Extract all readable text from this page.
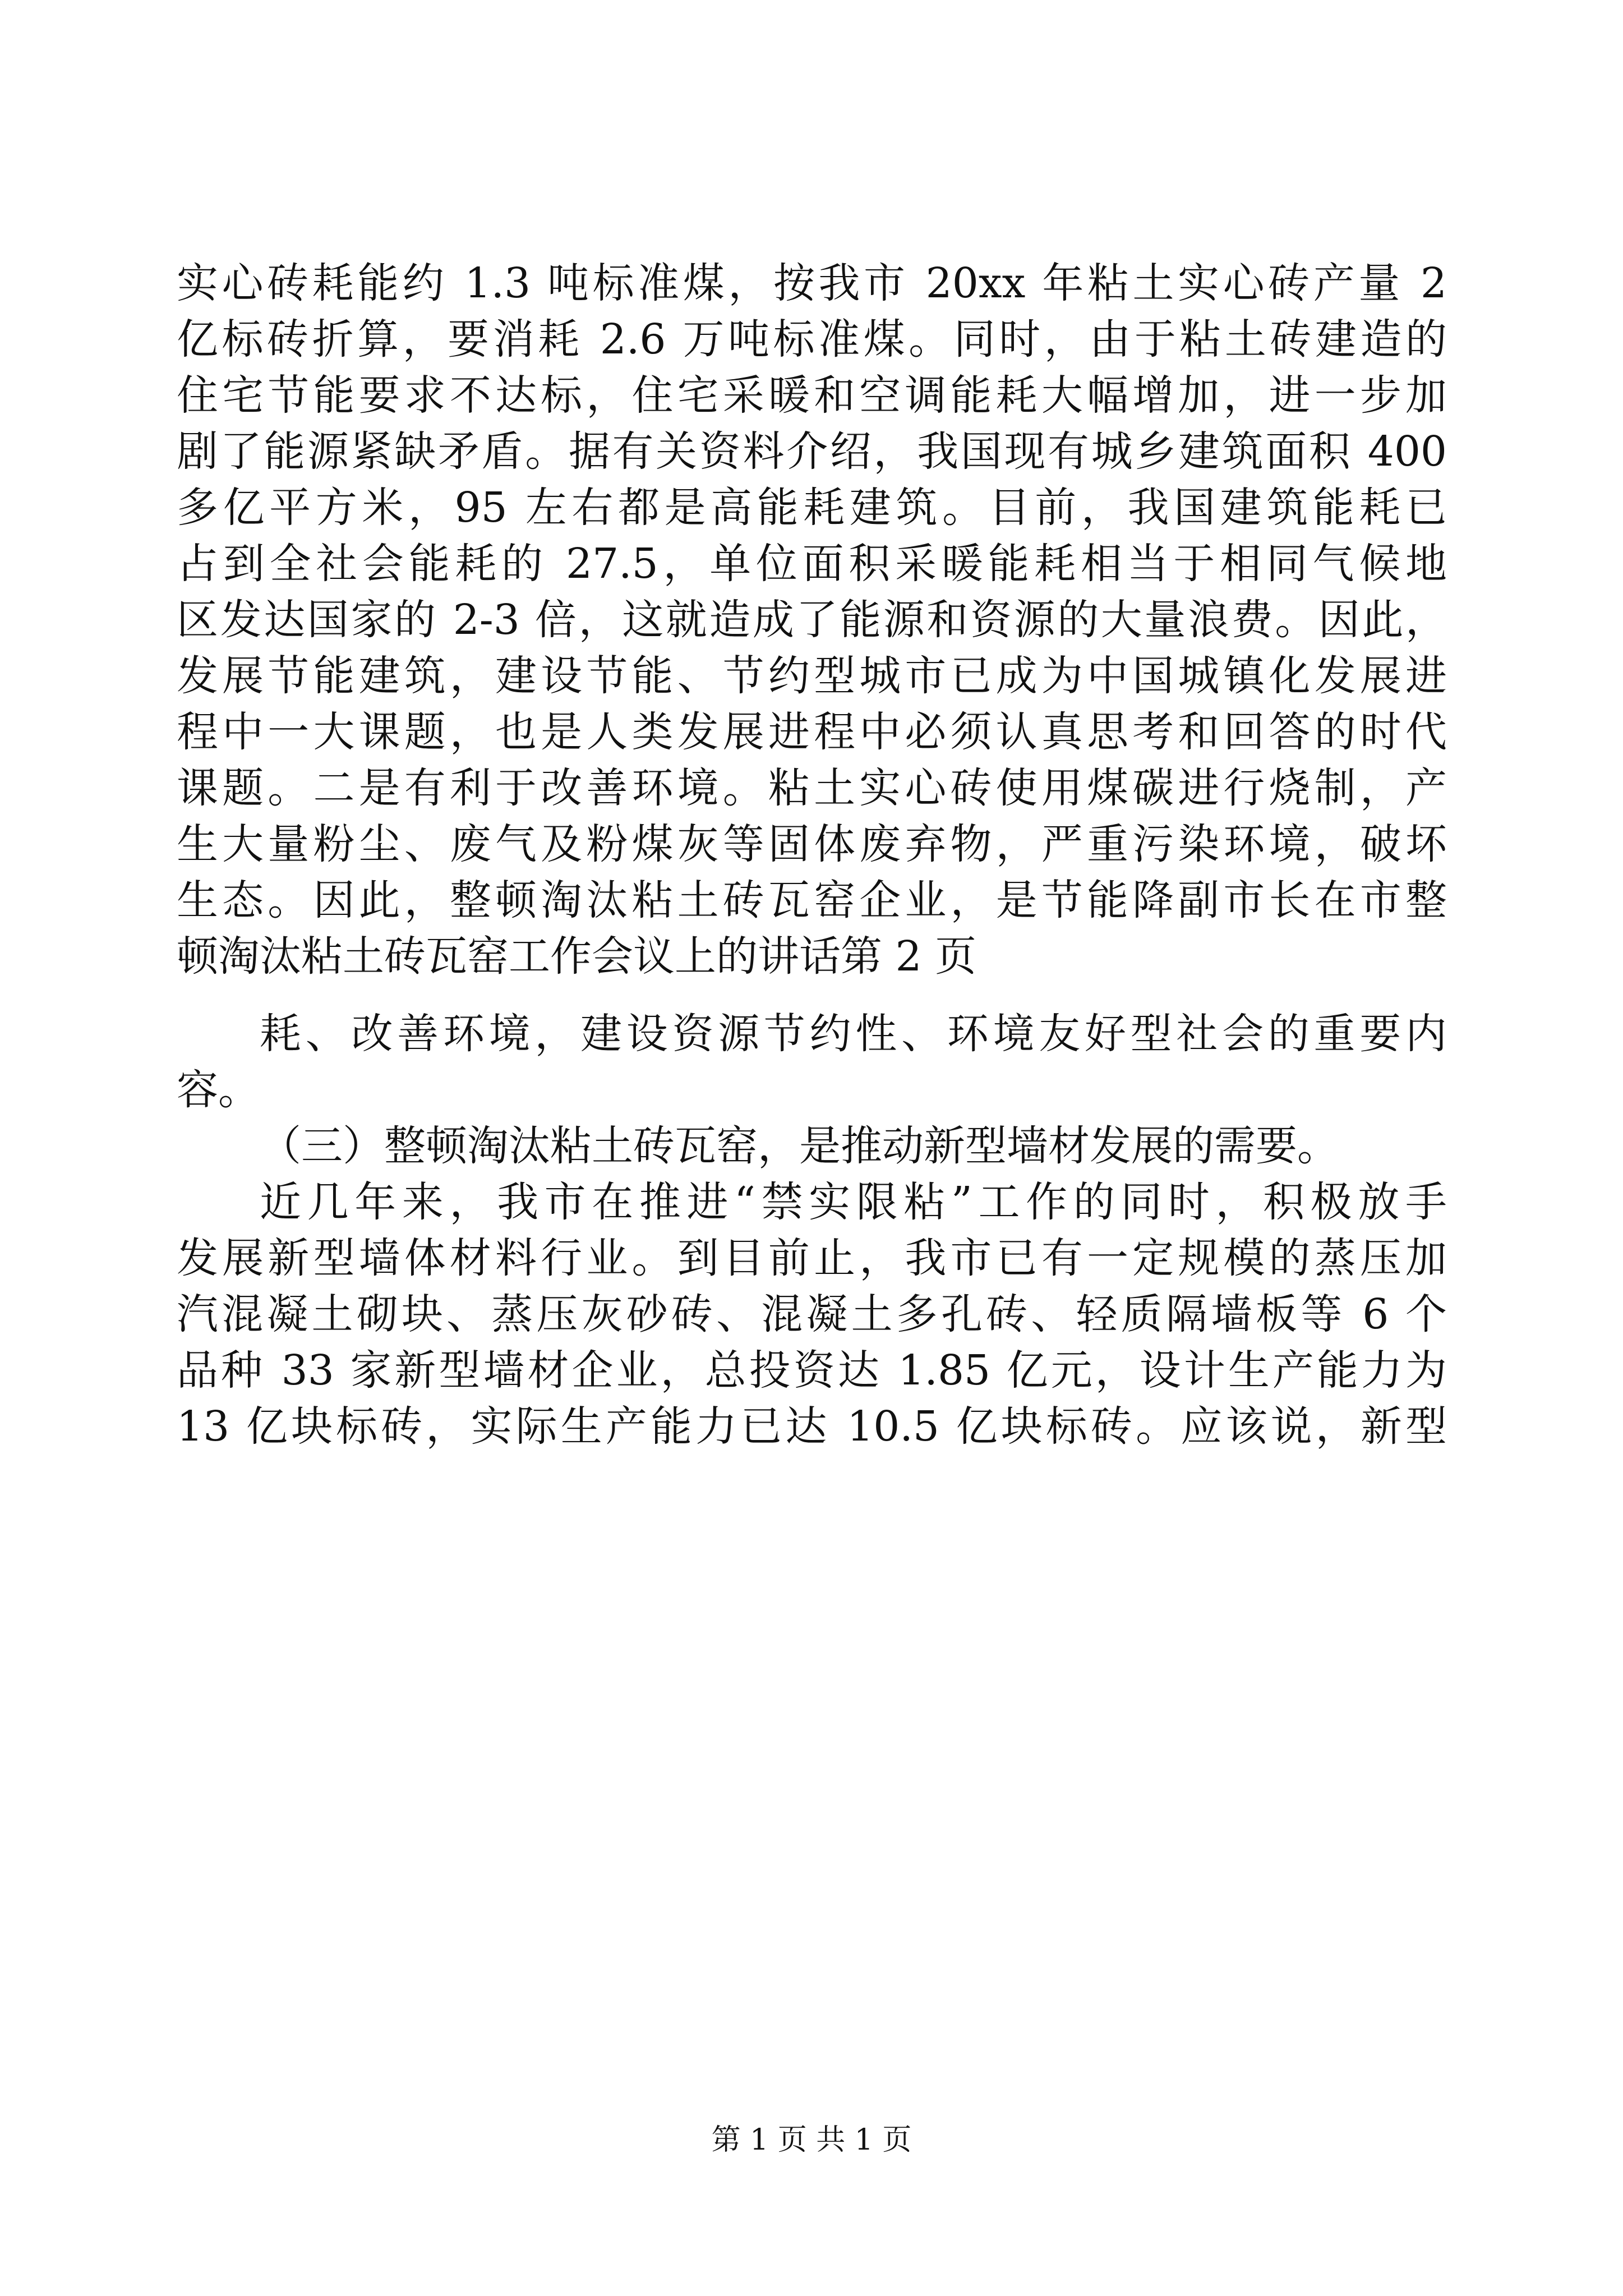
实心砖耗能约 1.3 吨标准煤，按我市 20xx 年粘土实心砖产量 2
亿标砖折算，要消耗 2.6 万吨标准煤。同时，由于粘土砖建造的
住宅节能要求不达标，住宅采暖和空调能耗大幅增加，进一步加
剧了能源紧缺矛盾。据有关资料介绍，我国现有城乡建筑面积 400
多亿平方米，95 左右都是高能耗建筑。目前，我国建筑能耗已
占到全社会能耗的 27.5，单位面积采暖能耗相当于相同气候地
区发达国家的 2-3 倍，这就造成了能源和资源的大量浪费。因此，
发展节能建筑，建设节能、节约型城市已成为中国城镇化发展进
程中一大课题，也是人类发展进程中必须认真思考和回答的时代
课题。二是有利于改善环境。粘土实心砖使用煤碳进行烧制，产
生大量粉尘、废气及粉煤灰等固体废弃物，严重污染环境，破坏
生态。因此，整顿淘汰粘土砖瓦窑企业，是节能降副市长在市整
顿淘汰粘土砖瓦窑工作会议上的讲话第 2 页
耗、改善环境，建设资源节约性、环境友好型社会的重要内
容。
（三）整顿淘汰粘土砖瓦窑，是推动新型墙材发展的需要。
近几年来，我市在推进“禁实限粘”工作的同时，积极放手
发展新型墙体材料行业。到目前止，我市已有一定规模的蒸压加
汽混凝土砌块、蒸压灰砂砖、混凝土多孔砖、轻质隔墙板等 6 个
品种 33 家新型墙材企业，总投资达 1.85 亿元，设计生产能力为
13 亿块标砖，实际生产能力已达 10.5 亿块标砖。应该说，新型
第 1 页 共 1 页
